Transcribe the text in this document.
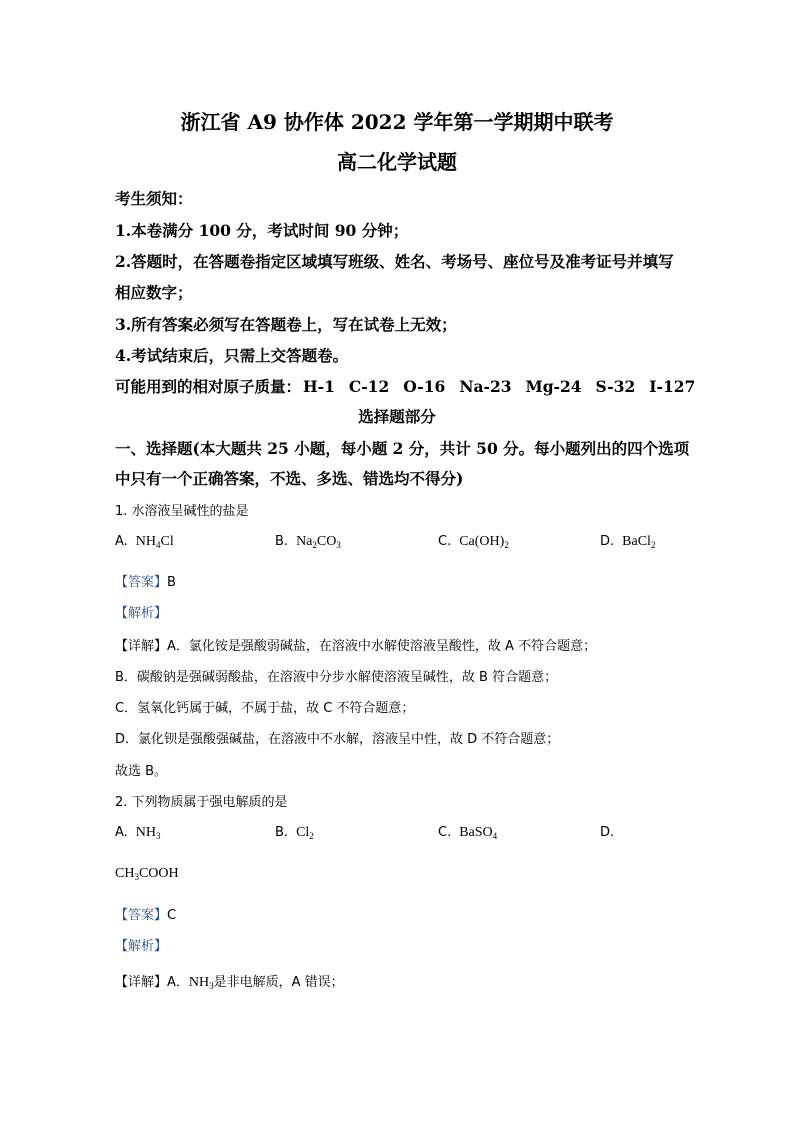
浙江省 A9 协作体 2022 学年第一学期期中联考
高二化学试题
考生须知：
1.本卷满分 100 分，考试时间 90 分钟；
2.答题时，在答题卷指定区域填写班级、姓名、考场号、座位号及准考证号并填写
相应数字；
3.所有答案必须写在答题卷上，写在试卷上无效；
4.考试结束后，只需上交答题卷。
可能用到的相对原子质量： H-1 C-12 O-16 Na-23 Mg-24 S-32 I-127
选择题部分
一、选择题(本大题共 25 小题，每小题 2 分，共计 50 分。每小题列出的四个选项
中只有一个正确答案，不选、多选、错选均不得分)
1. 水溶液呈碱性的盐是
A. $NH_4Cl$	B. $Na_2CO_3$	C. $Ca(OH)_2$	D. BaCl$_2$
【答案】B
【解析】
【详解】A．氯化铵是强酸弱碱盐，在溶液中水解使溶液呈酸性，故 A 不符合题意；
B．碳酸钠是强碱弱酸盐，在溶液中分步水解使溶液呈碱性，故 B 符合题意；
C．氢氧化钙属于碱，不属于盐，故 C 不符合题意；
D．氯化钡是强酸强碱盐，在溶液中不水解，溶液呈中性，故 D 不符合题意；
故选 B。
2. 下列物质属于强电解质的是
A. $NH_3$	B. $Cl_2$	C. BaSO$_4$	D.
$CH_3COOH$
【答案】C
【解析】
【详解】A．$NH_3$是非电解质，A 错误；
